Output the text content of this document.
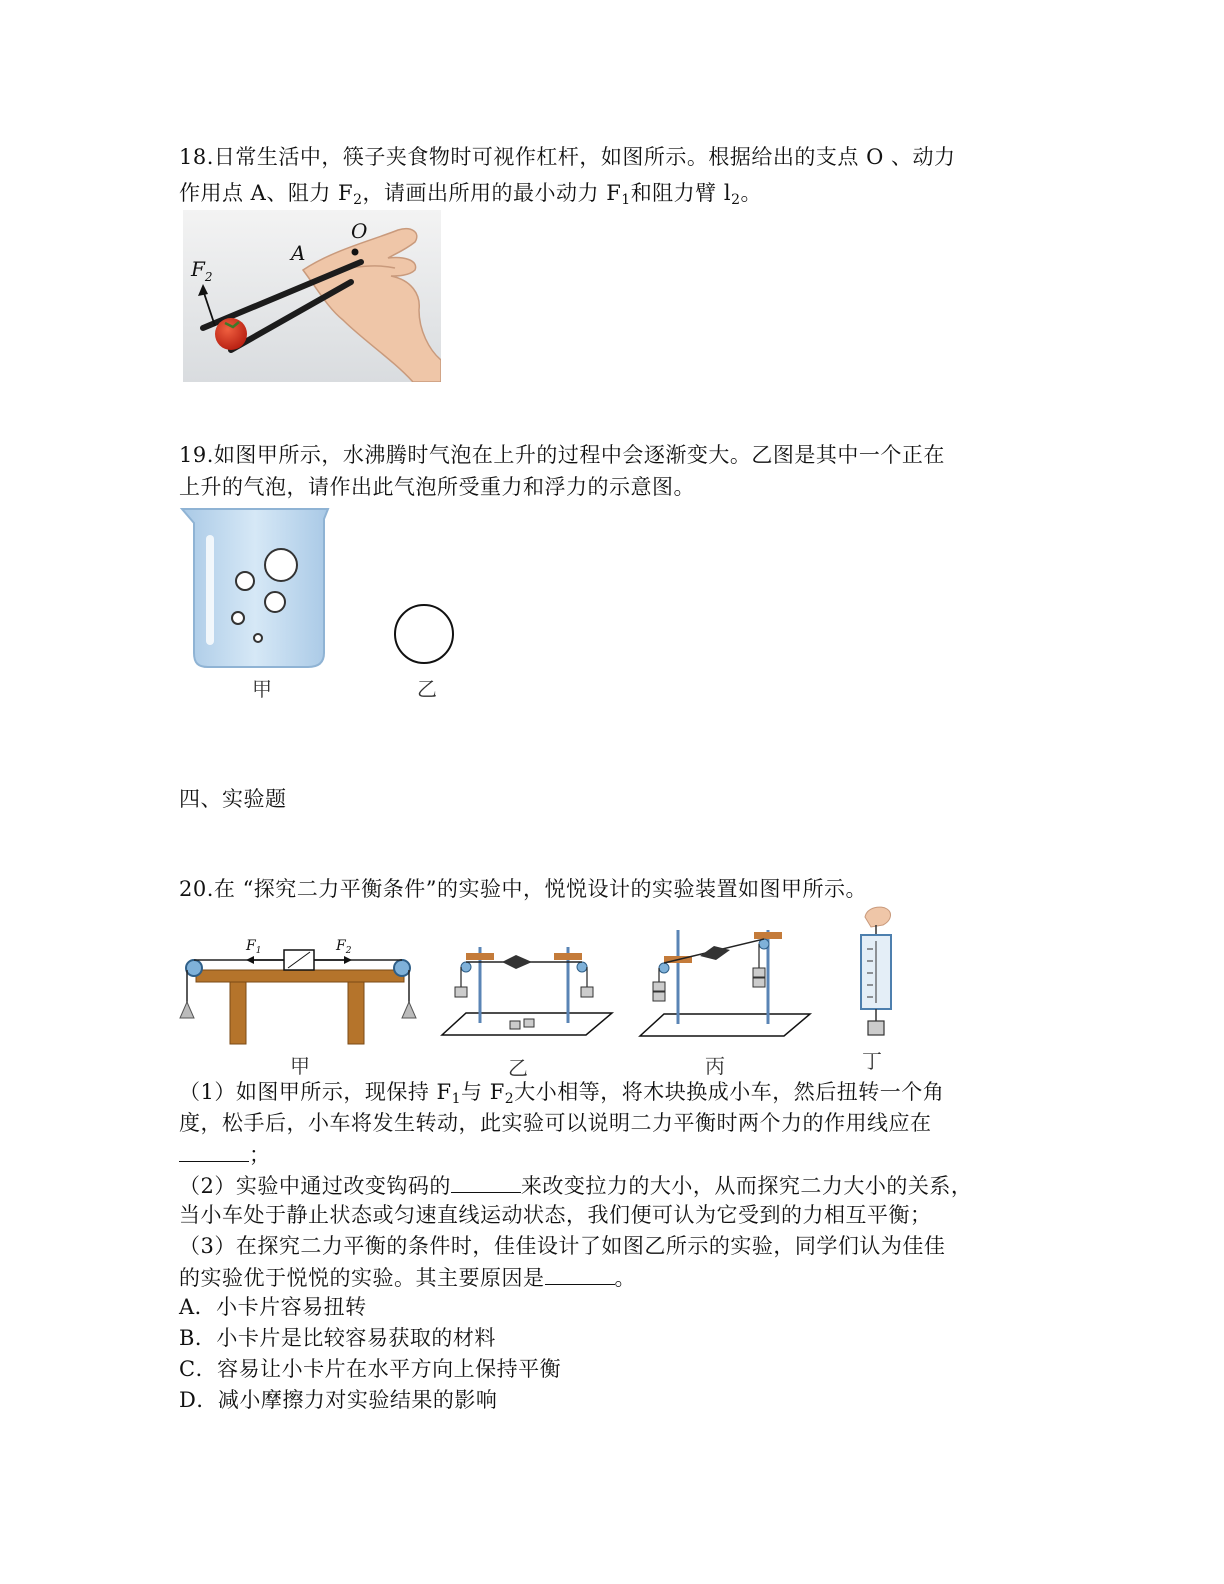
18.日常生活中，筷子夹食物时可视作杠杆，如图所示。根据给出的支点 O 、动力
作用点 A、阻力 $F_2$，请画出所用的最小动力 $F_1$和阻力臂 $l_2$。
$F_2$
A
O
19.如图甲所示，水沸腾时气泡在上升的过程中会逐渐变大。乙图是其中一个正在
上升的气泡，请作出此气泡所受重力和浮力的示意图。
甲	乙
四、实验题
20.在 “探究二力平衡条件”的实验中，悦悦设计的实验装置如图甲所示。
$F_1$	$F_2$
甲	乙	丙	丁
（1）如图甲所示，现保持 $F_1$与 $F_2$大小相等，将木块换成小车，然后扭转一个角
度，松手后，小车将发生转动，此实验可以说明二力平衡时两个力的作用线应在
；
（2）实验中通过改变钩码的	来改变拉力的大小，从而探究二力大小的关系，
当小车处于静止状态或匀速直线运动状态，我们便可认为它受到的力相互平衡；
（3）在探究二力平衡的条件时，佳佳设计了如图乙所示的实验，同学们认为佳佳
的实验优于悦悦的实验。其主要原因是	。
A．小卡片容易扭转
B．小卡片是比较容易获取的材料
C．容易让小卡片在水平方向上保持平衡
D．减小摩擦力对实验结果的影响
